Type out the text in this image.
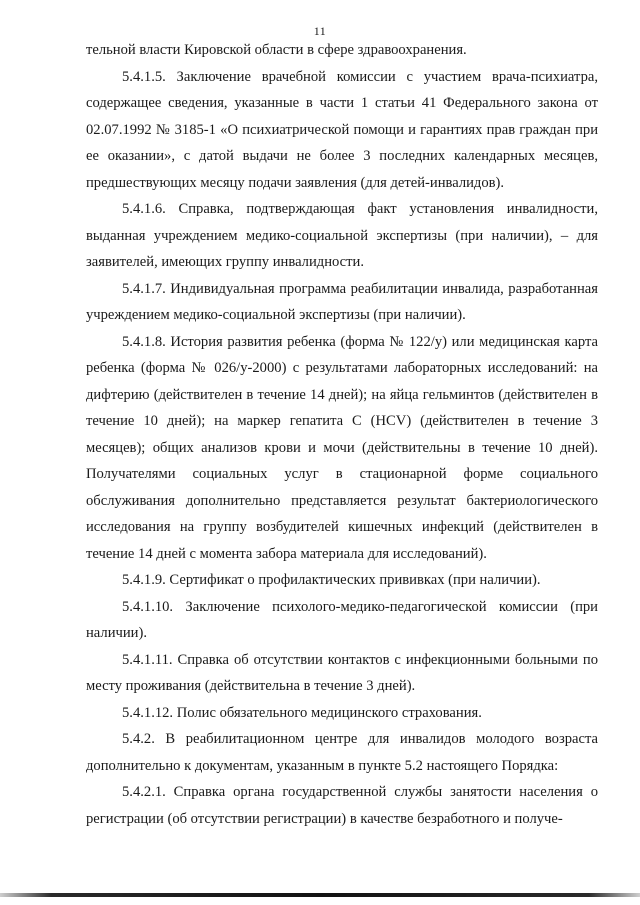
11

тельной власти Кировской области в сфере здравоохранения.

5.4.1.5. Заключение врачебной комиссии с участием врача-психиатра, содержащее сведения, указанные в части 1 статьи 41 Федерального закона от 02.07.1992 № 3185-1 «О психиатрической помощи и гарантиях прав граждан при ее оказании», с датой выдачи не более 3 последних календарных месяцев, предшествующих месяцу подачи заявления (для детей-инвалидов).

5.4.1.6. Справка, подтверждающая факт установления инвалидности, выданная учреждением медико-социальной экспертизы (при наличии), – для заявителей, имеющих группу инвалидности.

5.4.1.7. Индивидуальная программа реабилитации инвалида, разработанная учреждением медико-социальной экспертизы (при наличии).

5.4.1.8. История развития ребенка (форма № 122/у) или медицинская карта ребенка (форма № 026/у-2000) с результатами лабораторных исследований: на дифтерию (действителен в течение 14 дней); на яйца гельминтов (действителен в течение 10 дней); на маркер гепатита С (HCV) (действителен в течение 3 месяцев); общих анализов крови и мочи (действительны в течение 10 дней). Получателями социальных услуг в стационарной форме социального обслуживания дополнительно представляется результат бактериологического исследования на группу возбудителей кишечных инфекций (действителен в течение 14 дней с момента забора материала для исследований).

5.4.1.9. Сертификат о профилактических прививках (при наличии).

5.4.1.10. Заключение психолого-медико-педагогической комиссии (при наличии).

5.4.1.11. Справка об отсутствии контактов с инфекционными больными по месту проживания (действительна в течение 3 дней).

5.4.1.12. Полис обязательного медицинского страхования.

5.4.2. В реабилитационном центре для инвалидов молодого возраста дополнительно к документам, указанным в пункте 5.2 настоящего Порядка:

5.4.2.1. Справка органа государственной службы занятости населения о регистрации (об отсутствии регистрации) в качестве безработного и получе-
